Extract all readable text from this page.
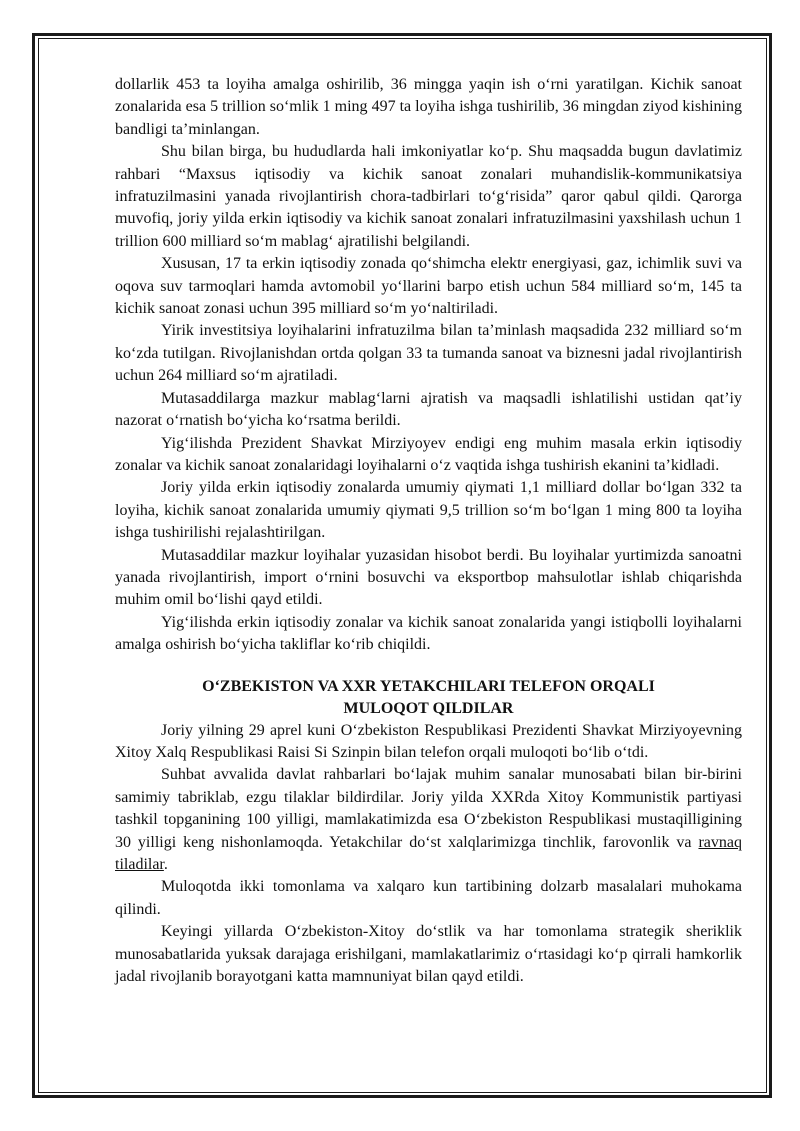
dollarlik 453 ta loyiha amalga oshirilib, 36 mingga yaqin ish o‘rni yaratilgan. Kichik sanoat zonalarida esa 5 trillion so‘mlik 1 ming 497 ta loyiha ishga tushirilib, 36 mingdan ziyod kishining bandligi ta’minlangan.

Shu bilan birga, bu hududlarda hali imkoniyatlar ko‘p. Shu maqsadda bugun davlatimiz rahbari “Maxsus iqtisodiy va kichik sanoat zonalari muhandislik-kommunikatsiya infratuzilmasini yanada rivojlantirish chora-tadbirlari to‘g‘risida” qaror qabul qildi. Qarorga muvofiq, joriy yilda erkin iqtisodiy va kichik sanoat zonalari infratuzilmasini yaxshilash uchun 1 trillion 600 milliard so‘m mablag‘ ajratilishi belgilandi.

Xususan, 17 ta erkin iqtisodiy zonada qo‘shimcha elektr energiyasi, gaz, ichimlik suvi va oqova suv tarmoqlari hamda avtomobil yo‘llarini barpo etish uchun 584 milliard so‘m, 145 ta kichik sanoat zonasi uchun 395 milliard so‘m yo‘naltiriladi.

Yirik investitsiya loyihalarini infratuzilma bilan ta’minlash maqsadida 232 milliard so‘m ko‘zda tutilgan. Rivojlanishdan ortda qolgan 33 ta tumanda sanoat va biznesni jadal rivojlantirish uchun 264 milliard so‘m ajratiladi.

Mutasaddilarga mazkur mablag‘larni ajratish va maqsadli ishlatilishi ustidan qat’iy nazorat o‘rnatish bo‘yicha ko‘rsatma berildi.

Yig‘ilishda Prezident Shavkat Mirziyoyev endigi eng muhim masala erkin iqtisodiy zonalar va kichik sanoat zonalaridagi loyihalarni o‘z vaqtida ishga tushirish ekanini ta’kidladi.

Joriy yilda erkin iqtisodiy zonalarda umumiy qiymati 1,1 milliard dollar bo‘lgan 332 ta loyiha, kichik sanoat zonalarida umumiy qiymati 9,5 trillion so‘m bo‘lgan 1 ming 800 ta loyiha ishga tushirilishi rejalashtirilgan.

Mutasaddilar mazkur loyihalar yuzasidan hisobot berdi. Bu loyihalar yurtimizda sanoatni yanada rivojlantirish, import o‘rnini bosuvchi va eksportbop mahsulotlar ishlab chiqarishda muhim omil bo‘lishi qayd etildi.

Yig‘ilishda erkin iqtisodiy zonalar va kichik sanoat zonalarida yangi istiqbolli loyihalarni amalga oshirish bo‘yicha takliflar ko‘rib chiqildi.

O‘ZBEKISTON VA XXR YETAKCHILARI TELEFON ORQALI
MULOQOT QILDILAR

Joriy yilning 29 aprel kuni O‘zbekiston Respublikasi Prezidenti Shavkat Mirziyoyevning Xitoy Xalq Respublikasi Raisi Si Szinpin bilan telefon orqali muloqoti bo‘lib o‘tdi.

Suhbat avvalida davlat rahbarlari bo‘lajak muhim sanalar munosabati bilan bir-birini samimiy tabriklab, ezgu tilaklar bildirdilar. Joriy yilda XXRda Xitoy Kommunistik partiyasi tashkil topganining 100 yilligi, mamlakatimizda esa O‘zbekiston Respublikasi mustaqilligining 30 yilligi keng nishonlamoqda. Yetakchilar do‘st xalqlarimizga tinchlik, farovonlik va ravnaq tiladilar.

Muloqotda ikki tomonlama va xalqaro kun tartibining dolzarb masalalari muhokama qilindi.

Keyingi yillarda O‘zbekiston-Xitoy do‘stlik va har tomonlama strategik sheriklik munosabatlarida yuksak darajaga erishilgani, mamlakatlarimiz o‘rtasidagi ko‘p qirrali hamkorlik jadal rivojlanib borayotgani katta mamnuniyat bilan qayd etildi.
